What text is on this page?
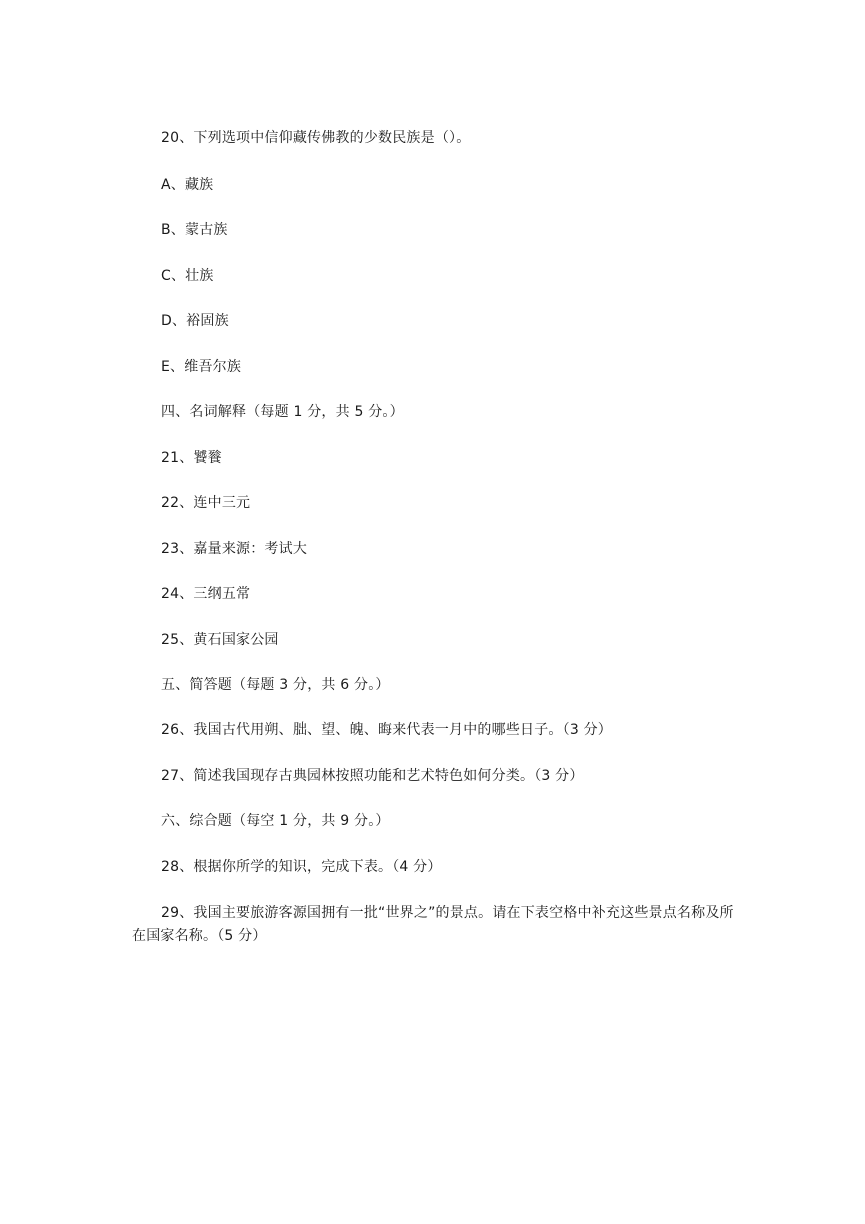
20、下列选项中信仰藏传佛教的少数民族是（）。
A、藏族
B、蒙古族
C、壮族
D、裕固族
E、维吾尔族
四、名词解释（每题 1 分，共 5 分。）
21、饕餮
22、连中三元
23、嘉量来源：考试大
24、三纲五常
25、黄石国家公园
五、简答题（每题 3 分，共 6 分。）
26、我国古代用朔、朏、望、魄、晦来代表一月中的哪些日子。（3 分）
27、简述我国现存古典园林按照功能和艺术特色如何分类。（3 分）
六、综合题（每空 1 分，共 9 分。）
28、根据你所学的知识，完成下表。（4 分）
29、我国主要旅游客源国拥有一批“世界之”的景点。请在下表空格中补充这些景点名称及所在国家名称。（5 分）
